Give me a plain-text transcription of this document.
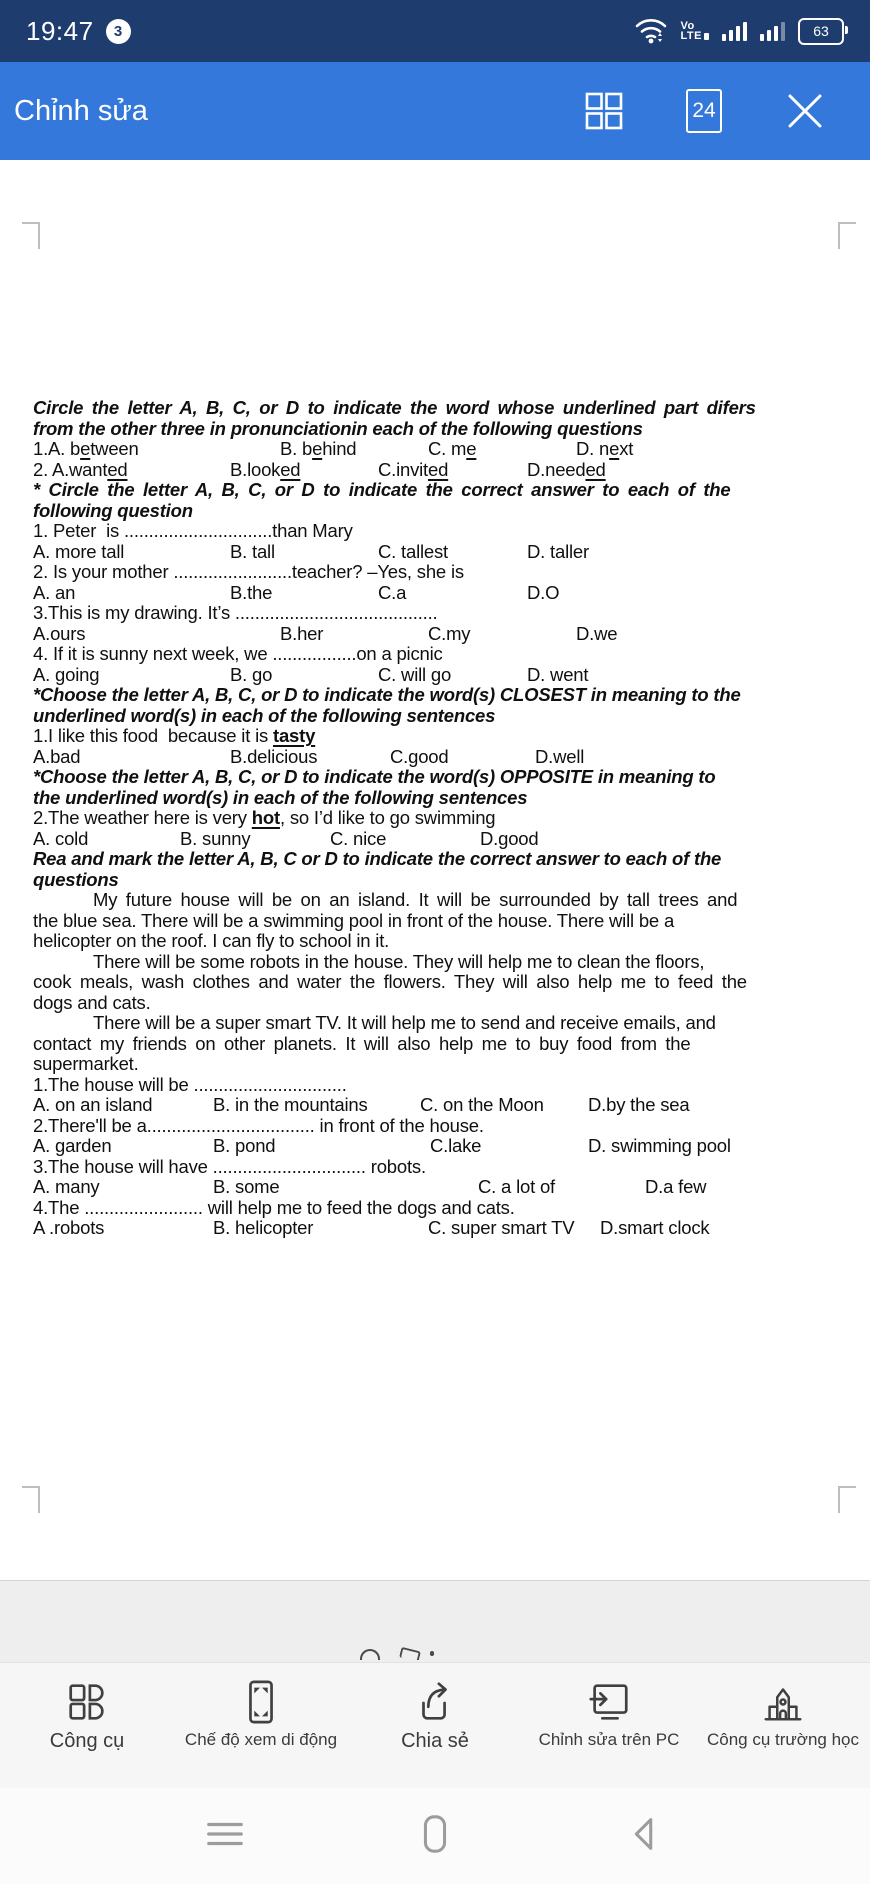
19:47	3	Vo
LTE	63
Chỉnh sửa	24
Circle the letter A, B, C, or D to indicate the word whose underlined part difers
from the other three in pronunciationin each of the following questions
1.A. between	B. behind	C. me	D. next
2. A.wanted	B.looked	C.invited	D.needed
* Circle the letter A, B, C, or D to indicate the correct answer to each of the
following question
1. Peter  is ..............................than Mary
A. more tall	B. tall	C. tallest	D. taller
2. Is your mother ........................teacher? –Yes, she is
A. an	B.the	C.a	D.O
3.This is my drawing. It’s .........................................
A.ours	B.her	C.my	D.we
4. If it is sunny next week, we .................on a picnic
A. going	B. go	C. will go	D. went
*Choose the letter A, B, C, or D to indicate the word(s) CLOSEST in meaning to the
underlined word(s) in each of the following sentences
1.I like this food  because it is tasty
A.bad	B.delicious	C.good	D.well
*Choose the letter A, B, C, or D to indicate the word(s) OPPOSITE in meaning to
the underlined word(s) in each of the following sentences
2.The weather here is very hot, so I’d like to go swimming
A. cold	B. sunny	C. nice	D.good
Rea and mark the letter A, B, C or D to indicate the correct answer to each of the
questions
My future house will be on an island. It will be surrounded by tall trees and
the blue sea. There will be a swimming pool in front of the house. There will be a
helicopter on the roof. I can fly to school in it.
There will be some robots in the house. They will help me to clean the floors,
cook meals, wash clothes and water the flowers. They will also help me to feed the
dogs and cats.
There will be a super smart TV. It will help me to send and receive emails, and
contact my friends on other planets. It will also help me to buy food from the
supermarket.
1.The house will be ...............................
A. on an island	B. in the mountains	C. on the Moon D.by the sea
2.There'll be a.................................. in front of the house.
A. garden	B. pond	C.lake	D. swimming pool
3.The house will have ............................... robots.
A. many	B. some	C. a lot of	D.a few
4.The ........................ will help me to feed the dogs and cats.
A .robots	B. helicopter	C. super smart TV D.smart clock
Công cụ	Chế độ xem di động	Chia sẻ	Chỉnh sửa trên PC Công cụ trường học
